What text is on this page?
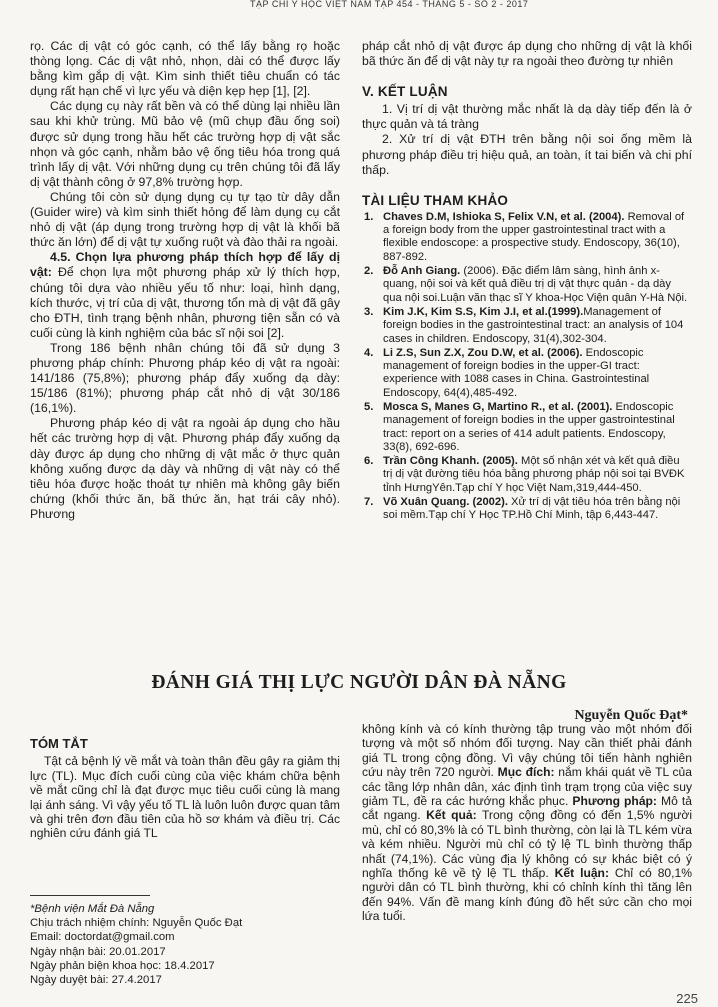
TẠP CHÍ Y HỌC VIỆT NAM TẬP 454 - THÁNG 5 - SỐ 2 - 2017

rọ. Các dị vật có góc cạnh, có thể lấy bằng rọ hoặc thòng lọng. Các dị vật nhỏ, nhọn, dài có thể được lấy bằng kìm gắp dị vật. Kìm sinh thiết tiêu chuẩn có tác dụng rất hạn chế vì lực yếu và diện kẹp hẹp [1], [2].

Các dụng cụ này rất bền và có thể dùng lại nhiều lần sau khi khử trùng. Mũ bảo vệ (mũ chụp đầu ống soi) được sử dụng trong hầu hết các trường hợp dị vật sắc nhọn và góc cạnh, nhằm bảo vệ ống tiêu hóa trong quá trình lấy dị vật. Với những dụng cụ trên chúng tôi đã lấy dị vật thành công ở 97,8% trường hợp.

Chúng tôi còn sử dụng dụng cụ tự tạo từ dây dẫn (Guider wire) và kìm sinh thiết hỏng để làm dụng cụ cắt nhỏ dị vật (áp dụng trong trường hợp dị vật là khối bã thức ăn lớn) để dị vật tự xuống ruột và đào thải ra ngoài.

4.5. Chọn lựa phương pháp thích hợp để lấy dị vật: Để chọn lựa một phương pháp xử lý thích hợp, chúng tôi dựa vào nhiều yếu tố như: loại, hình dạng, kích thước, vị trí của dị vật, thương tổn mà dị vật đã gây cho ĐTH, tình trạng bệnh nhân, phương tiện sẵn có và cuối cùng là kinh nghiệm của bác sĩ nội soi [2].

Trong 186 bệnh nhân chúng tôi đã sử dụng 3 phương pháp chính: Phương pháp kéo dị vật ra ngoài: 141/186 (75,8%); phương pháp đẩy xuống dạ dày: 15/186 (81%); phương pháp cắt nhỏ dị vật 30/186 (16,1%).

Phương pháp kéo dị vật ra ngoài áp dụng cho hầu hết các trường hợp dị vật. Phương pháp đẩy xuống dạ dày được áp dụng cho những dị vật mắc ở thực quản không xuống được dạ dày và những dị vật này có thể tiêu hóa được hoặc thoát tự nhiên mà không gây biến chứng (khối thức ăn, bã thức ăn, hạt trái cây nhỏ). Phương

pháp cắt nhỏ dị vật được áp dụng cho những dị vật là khối bã thức ăn để dị vật này tự ra ngoài theo đường tự nhiên

V. KẾT LUẬN

1. Vị trí dị vật thường mắc nhất là dạ dày tiếp đến là ở thực quản và tá tràng

2. Xử trí dị vật ĐTH trên bằng nội soi ống mềm là phương pháp điều trị hiệu quả, an toàn, ít tai biến và chi phí thấp.

TÀI LIỆU THAM KHẢO
1. Chaves D.M, Ishioka S, Felix V.N, et al. (2004). Removal of a foreign body from the upper gastrointestinal tract with a flexible endoscope: a prospective study. Endoscopy, 36(10), 887-892.
2. Đỗ Anh Giang. (2006). Đặc điểm lâm sàng, hình ảnh x-quang, nội soi và kết quả điều trị dị vật thực quản - dạ dày qua nội soi.Luận văn thạc sĩ Y khoa-Học Viện quân Y-Hà Nội.
3. Kim J.K, Kim S.S, Kim J.I, et al.(1999).Management of foreign bodies in the gastrointestinal tract: an analysis of 104 cases in children. Endoscopy, 31(4),302-304.
4. Li Z.S, Sun Z.X, Zou D.W, et al. (2006). Endoscopic management of foreign bodies in the upper-GI tract: experience with 1088 cases in China. Gastrointestinal Endoscopy, 64(4),485-492.
5. Mosca S, Manes G, Martino R., et al. (2001). Endoscopic management of foreign bodies in the upper gastrointestinal tract: report on a series of 414 adult patients. Endoscopy, 33(8), 692-696.
6. Trần Công Khanh. (2005). Một số nhận xét và kết quả điều trị dị vật đường tiêu hóa bằng phương pháp nội soi tại BVĐK tỉnh HưngYên.Tạp chí Y học Việt Nam,319,444-450.
7. Võ Xuân Quang. (2002). Xử trí dị vật tiêu hóa trên bằng nội soi mềm.Tạp chí Y Học TP.Hồ Chí Minh, tập 6,443-447.
ĐÁNH GIÁ THỊ LỰC NGƯỜI DÂN ĐÀ NẴNG
Nguyễn Quốc Đạt*
TÓM TẮT

Tật cả bệnh lý về mắt và toàn thân đều gây ra giảm thị lực (TL). Mục đích cuối cùng của việc khám chữa bệnh về mắt cũng chỉ là đạt được mục tiêu cuối cùng là mang lại ánh sáng. Vì vậy yếu tố TL là luôn luôn được quan tâm và ghi trên đơn đầu tiên của hồ sơ khám và điều trị. Các nghiên cứu đánh giá TL

*Bệnh viện Mắt Đà Nẵng
Chịu trách nhiệm chính: Nguyễn Quốc Đạt
Email: doctordat@gmail.com
Ngày nhận bài: 20.01.2017
Ngày phản biện khoa học: 18.4.2017
Ngày duyệt bài: 27.4.2017

không kính và có kính thường tập trung vào một nhóm đối tượng và một số nhóm đối tượng. Nay cần thiết phải đánh giá TL trong cộng đồng. Vì vậy chúng tôi tiến hành nghiên cứu này trên 720 người. Mục đích: nắm khái quát về TL của các tầng lớp nhân dân, xác định tình trạm trọng của việc suy giảm TL, đề ra các hướng khắc phục. Phương pháp: Mô tả cắt ngang. Kết quả: Trong cộng đồng có đến 1,5% người mù, chỉ có 80,3% là có TL bình thường, còn lại là TL kém vừa và kém nhiều. Người mù chỉ có tỷ lệ TL bình thường thấp nhất (74,1%). Các vùng địa lý không có sự khác biệt có ý nghĩa thống kê về tỷ lệ TL thấp. Kết luận: Chỉ có 80,1% người dân có TL bình thường, khi có chỉnh kính thì tăng lên đến 94%. Vấn đề mang kính đúng đồ hết sức cần cho mọi lứa tuổi.

225
